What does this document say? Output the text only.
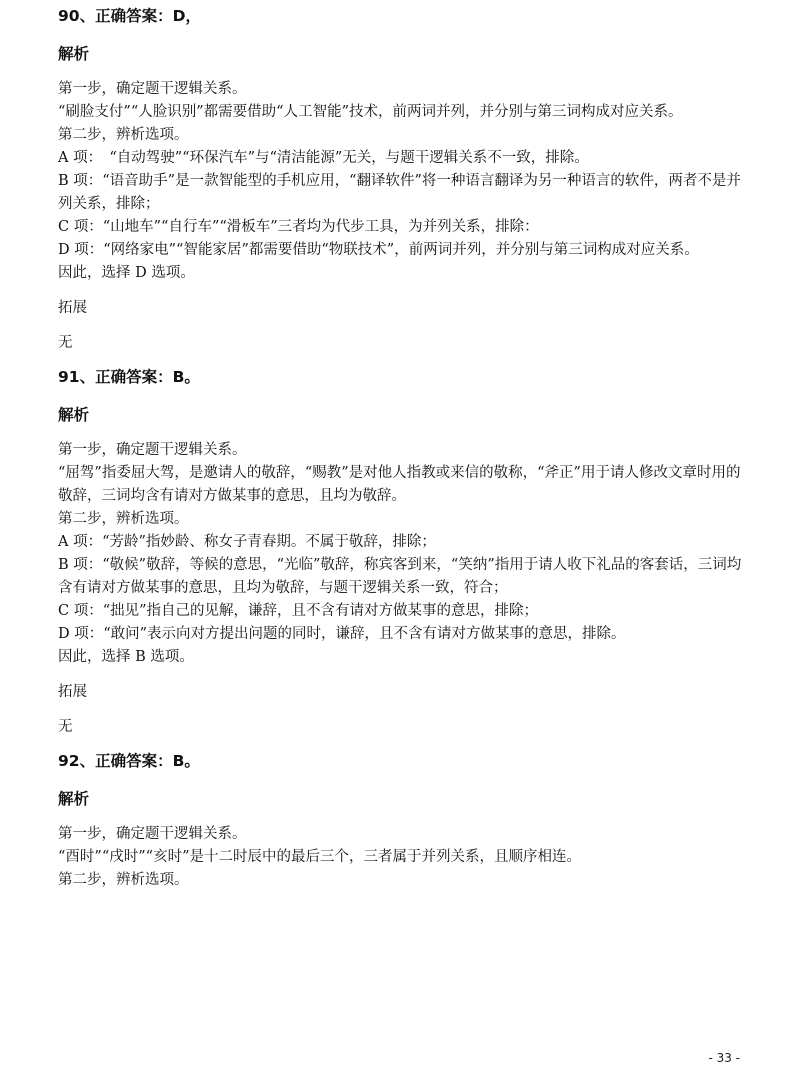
90、正确答案：D，

解析

第一步，确定题干逻辑关系。

“刷脸支付”“人脸识别”都需要借助“人工智能”技术，前两词并列，并分别与第三词构成对应关系。

第二步，辨析选项。

A 项：　“自动驾驶”“环保汽车”与“清洁能源”无关，与题干逻辑关系不一致，排除。

B 项：“语音助手”是一款智能型的手机应用，“翻译软件”将一种语言翻译为另一种语言的软件，两者不是并列关系，排除；

C 项：“山地车”“自行车”“滑板车”三者均为代步工具，为并列关系，排除：

D 项：“网络家电”“智能家居”都需要借助“物联技术”，前两词并列，并分别与第三词构成对应关系。

因此，选择 D 选项。

拓展

无

91、正确答案：B。

解析

第一步，确定题干逻辑关系。

“屈驾”指委屈大驾，是邀请人的敬辞，“赐教”是对他人指教或来信的敬称，“斧正”用于请人修改文章时用的敬辞，三词均含有请对方做某事的意思，且均为敬辞。

第二步，辨析选项。

A 项：“芳龄”指妙龄、称女子青春期。不属于敬辞，排除；

B 项：“敬候”敬辞，等候的意思，“光临”敬辞，称宾客到来，“笑纳”指用于请人收下礼品的客套话，三词均含有请对方做某事的意思，且均为敬辞，与题干逻辑关系一致，符合；

C 项：“拙见”指自己的见解，谦辞，且不含有请对方做某事的意思，排除；

D 项：“敢问”表示向对方提出问题的同时，谦辞，且不含有请对方做某事的意思，排除。

因此，选择 B 选项。

拓展

无

92、正确答案：B。

解析

第一步，确定题干逻辑关系。

“酉时”“戌时”“亥时”是十二时辰中的最后三个，三者属于并列关系，且顺序相连。

第二步，辨析选项。

- 33 -
